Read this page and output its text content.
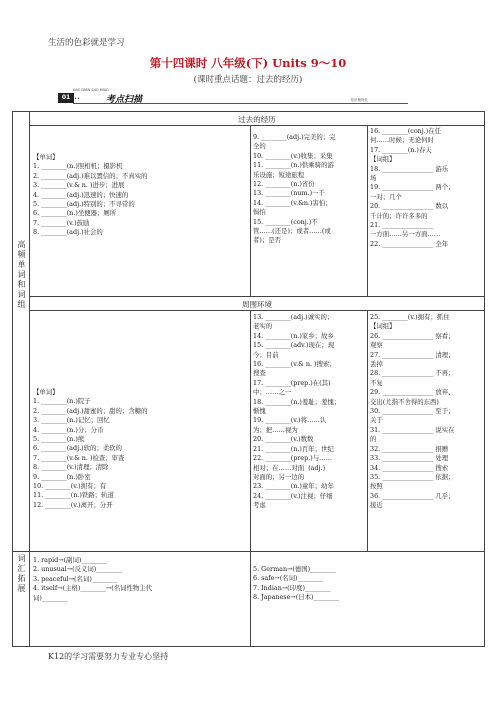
生活的色彩就是学习
第十四课时 八年级(下) Units 9～10
(课时重点话题：过去的经历)
KAO DIAN SAO MIAO
01 ••	考点扫描	知识梳理化
高
频
单
词
和
词
组
词
汇
拓
展
过去的经历
周围环境
【单词】
1. ________(n.)照相机；摄影机
2. ________(adj.)难以置信的；不真实的
3. ________(v.& n. )进步；进展
4. ________(adj.)迅速的；快速的
5. ________(adj.)特别的；不寻常的
6. ________(n.)坐便器；厕所
7. ________(v.)鼓励
8. ________(adj.)社会的
9. ________(adj.)完美的；完
全的
10. ________(v.)收集；采集
11. ________(n.)供乘骑的游
乐设施；短途旅程
12. ________(n.)省份
13. ________(num.)一千
14. ________(v.&n.)害怕；
惧怕
15. ________(conj.)不
管……(还是)；或者……(或
者)；是否
16. ________(conj.)在任
何……时候；无论何时
17. ________(n.)春天
【词组】
18. ________________ 游乐
场
19. ________________ 两个；
一对；几个
20. ________________ 数以
千计的；许许多多的
21. ________________
一方面……另一方面……
22. ________________ 全年
【单词】
1. ________(n.)院子
2. ________(adj.)甜蜜的；甜的；含糖的
3. ________(n.)记忆；回忆
4. ________(n.)分；分币
5. ________(n.)熊
6. ________(adj.)软的；柔软的
7. ________(v.& n. )检查；审查
8. ________(v.)清理；清除
9. ________(n.)卧室
10. ________(v.)拥有；有
11. ________(n.)铁路；轨道
12. ________(v.)离开；分开
13. ________(adj.)诚实的；
老实的
14. ________(n.)家乡；故乡
15. ________(adv.)现在；现
今；目前
16. ________(v.& n. )搜索；
搜查
17. ________(prep.)在(其)
中；……之一
18. ________(n.)羞耻；羞愧；
惭愧
19. ________(v.)将……认
为；把……视为
20. ________(v.)数数
21. ________(n.)百年；世纪
22. ________(prep.)与……
相对；在……对面  (adj.)
对面的；另一边的
23. ________(n.)童年；幼年
24. ________(v.)注视；仔细
考虑
25. ________(v.)拥有；抓住
【词组】
26. ________________ 察看；
观察
27. ________________ 清理；
丢掉
28. ________________ 不再；
不复
29. ________________ 放弃、
交出(尤指不舍得的东西)
30. ________________ 至于；
关于
31. ________________ 说实在
的
32. ________________ 捐赠
33. ________________ 处理
34. ________________ 搜索
35. ________________ 依据；
按照
36. ________________ 几乎；
接近
1. rapid→(副词)________
2. unusual→(反义词)________
3. peaceful→(名词)________
4. itself→(主格)________→(名词性物主代
词)________
5. German→(德国)________
6. safe→(名词)________
7. Indian→(印度)________
8. Japanese→(日本)________
K12的学习需要努力专业专心坚持
